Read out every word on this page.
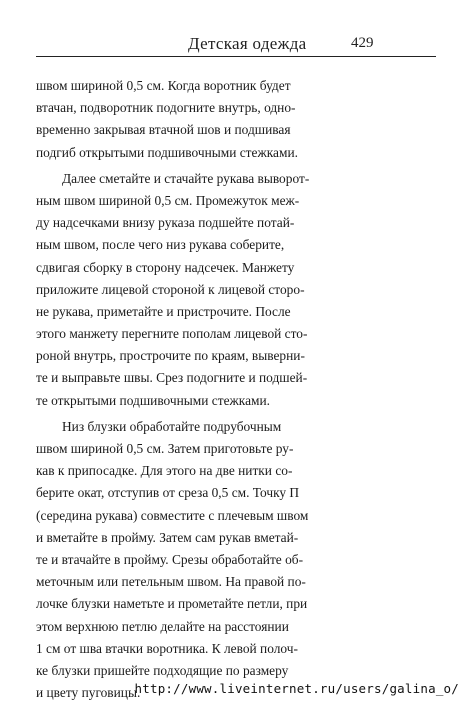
Детская одежда	429
швом шириной 0,5 см. Когда воротник будет
втачан, подворотник подогните внутрь, одно-
временно закрывая втачной шов и подшивая
подгиб открытыми подшивочными стежками.
Далее сметайте и стачайте рукава выворот-
ным швом шириной 0,5 см. Промежуток меж-
ду надсечками внизу руказа подшейте потай-
ным швом, после чего низ рукава соберите,
сдвигая сборку в сторону надсечек. Манжету
приложите лицевой стороной к лицевой сторо-
не рукава, приметайте и пристрочите. После
этого манжету перегните пополам лицевой сто-
роной внутрь, простpочите по краям, выверни-
те и выправьте швы. Срез подогните и подшей-
те открытыми подшивочными стежками.
Низ блузки обработайте подрубочным
швом шириной 0,5 см. Затем приготовьте ру-
кав к припосадке. Для этого на две нитки со-
берите окат, отступив от среза 0,5 см. Точку П
(середина рукава) совместите с плечевым швом
и вметайте в пройму. Затем сам рукав вметай-
те и втачайте в пройму. Срезы обработайте об-
меточным или петельным швом. На правой по-
лочке блузки наметьте и прометайте петли, при
этом верхнюю петлю делайте на расстоянии
1 см от шва втачки воротника. К левой полоч-
ке блузки пришейте подходящие по размеру
и цвету пуговицы.
http://www.liveinternet.ru/users/galina_o/
